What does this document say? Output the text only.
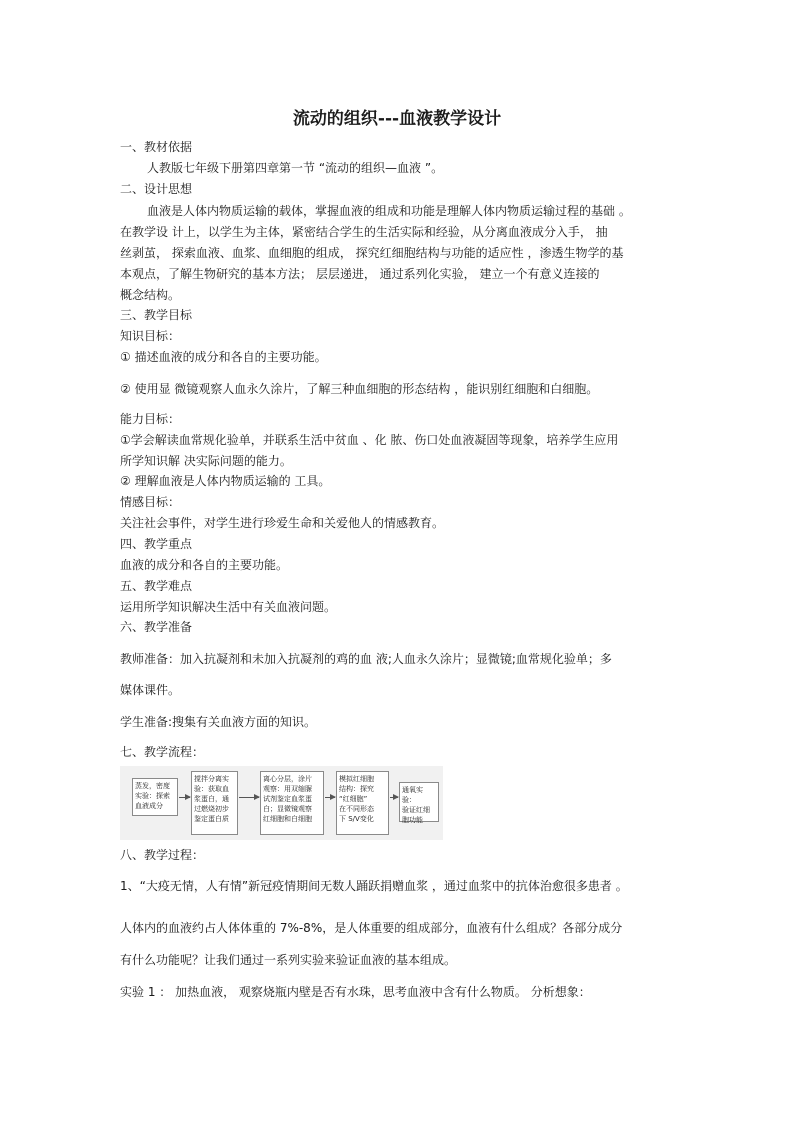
流动的组织---血液教学设计
一、教材依据
人教版七年级下册第四章第一节 “流动的组织—血液 ”。
二、设计思想
血液是人体内物质运输的载体，掌握血液的组成和功能是理解人体内物质运输过程的基础 。
在教学设 计上，以学生为主体，紧密结合学生的生活实际和经验，从分离血液成分入手， 抽
丝剥茧， 探索血液、血浆、血细胞的组成， 探究红细胞结构与功能的适应性 ，渗透生物学的基
本观点，了解生物研究的基本方法； 层层递进， 通过系列化实验， 建立一个有意义连接的
概念结构。
三、教学目标
知识目标：
① 描述血液的成分和各自的主要功能。
② 使用显 微镜观察人血永久涂片，了解三种血细胞的形态结构 ，能识别红细胞和白细胞。
能力目标：
①学会解读血常规化验单，并联系生活中贫血 、化 脓、伤口处血液凝固等现象，培养学生应用
所学知识解 决实际问题的能力。
② 理解血液是人体内物质运输的 工具。
情感目标：
关注社会事件，对学生进行珍爱生命和关爱他人的情感教育。
四、教学重点
血液的成分和各自的主要功能。
五、教学难点
运用所学知识解决生活中有关血液问题。
六、教学准备
教师准备：加入抗凝剂和未加入抗凝剂的鸡的血 液;人血永久涂片；显微镜;血常规化验单；多
媒体课件。
学生准备:搜集有关血液方面的知识。
七、教学流程：
蒸发，密度
实验：探索
血液成分
搅拌分离实
验：获取血
浆蛋白，通
过燃烧初步
鉴定蛋白质
离心分层，涂片
观察：用双缩脲
试剂鉴定血浆蛋
白；显微镜观察
红细胞和白细胞
模拟红细胞
结构：探究
“红细胞”
在不同形态
下 S/V变化
通氧实验：
验证红细
胞功能
八、教学过程：
1、“大疫无情，人有情”新冠疫情期间无数人踊跃捐赠血浆 ，通过血浆中的抗体治愈很多患者 。
人体内的血液约占人体体重的 7%-8%，是人体重要的组成部分，血液有什么组成？各部分成分
有什么功能呢？让我们通过一系列实验来验证血液的基本组成。
实验 1 ： 加热血液， 观察烧瓶内壁是否有水珠，思考血液中含有什么物质。 分析想象：
